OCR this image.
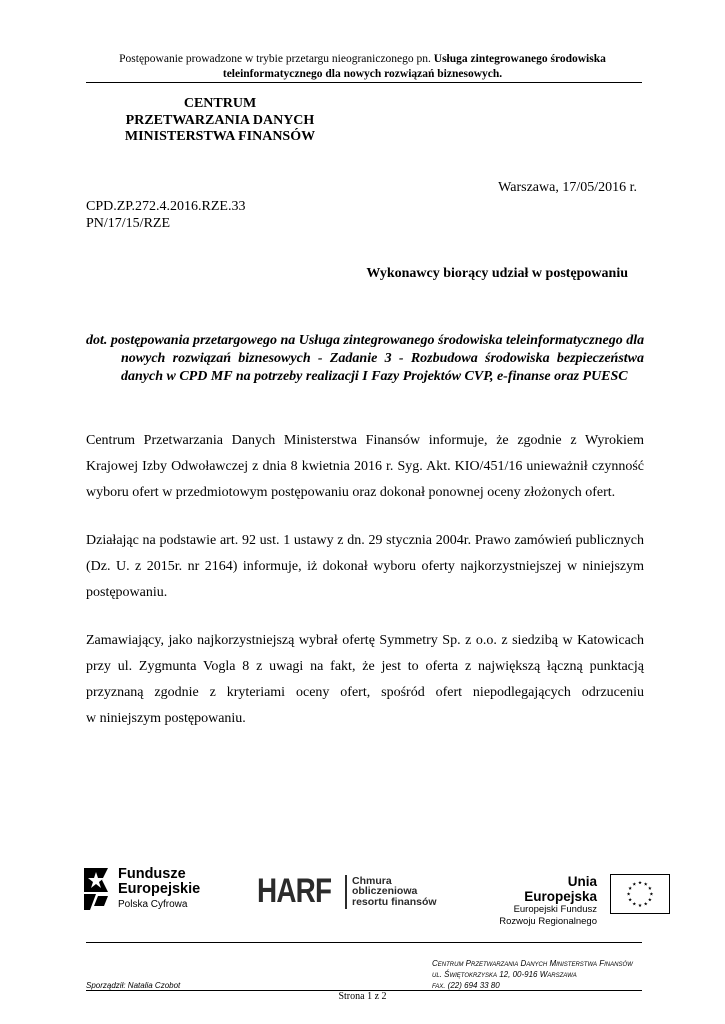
Postępowanie prowadzone w trybie przetargu nieograniczonego pn. Usługa zintegrowanego środowiska
teleinformatycznego dla nowych rozwiązań biznesowych.
CENTRUM
PRZETWARZANIA DANYCH
MINISTERSTWA FINANSÓW
Warszawa, 17/05/2016 r.
CPD.ZP.272.4.2016.RZE.33
PN/17/15/RZE
Wykonawcy biorący udział w postępowaniu
dot. postępowania przetargowego na Usługa zintegrowanego środowiska teleinformatycznego dla
nowych rozwiązań biznesowych - Zadanie 3 - Rozbudowa środowiska bezpieczeństwa
danych w CPD MF na potrzeby realizacji I Fazy Projektów CVP, e-finanse oraz PUESC
Centrum Przetwarzania Danych Ministerstwa Finansów informuje, że zgodnie z Wyrokiem
Krajowej Izby Odwoławczej z dnia 8 kwietnia 2016 r. Syg. Akt. KIO/451/16 unieważnił czynność
wyboru ofert w przedmiotowym postępowaniu oraz dokonał ponownej oceny złożonych ofert.
Działając na podstawie art. 92 ust. 1 ustawy z dn. 29 stycznia 2004r. Prawo zamówień publicznych
(Dz. U. z 2015r. nr 2164) informuje, iż dokonał wyboru oferty najkorzystniejszej w niniejszym
postępowaniu.
Zamawiający, jako najkorzystniejszą wybrał ofertę Symmetry Sp. z o.o. z siedzibą w Katowicach
przy ul. Zygmunta Vogla 8 z uwagi na fakt, że jest to oferta z największą łączną punktacją
przyznaną zgodnie z kryteriami oceny ofert, spośród ofert niepodlegających odrzuceniu
w niniejszym postępowaniu.
Fundusze
Europejskie
Polska Cyfrowa	HARF Chmura
obliczeniowa
resortu finansów
Unia Europejska
Europejski Fundusz
Rozwoju Regionalnego
Centrum Przetwarzania Danych Ministerstwa Finansów
ul. Świętokrzyska 12, 00-916 Warszawa
fax. (22) 694 33 80
Sporządził: Natalia Czobot
Strona 1 z 2
